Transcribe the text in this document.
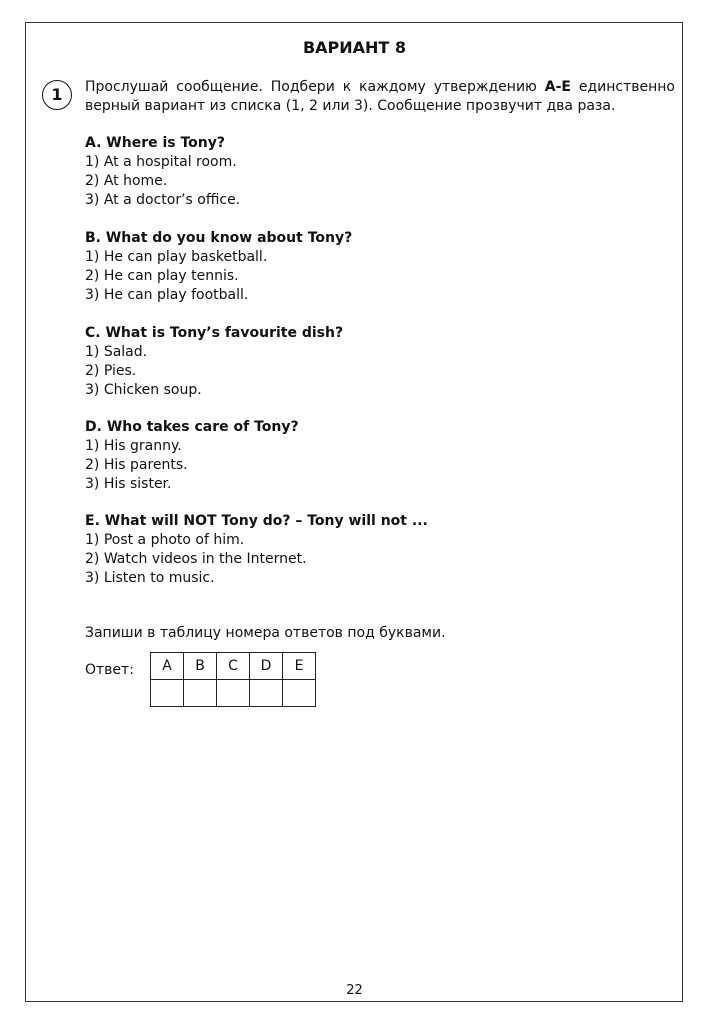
ВАРИАНТ 8
1	Прослушай сообщение. Подбери к каждому утверждению A-E единственно верный вариант из списка (1, 2 или 3). Сообщение прозвучит два раза.
A. Where is Tony?
1) At a hospital room.
2) At home.
3) At a doctor’s office.
B. What do you know about Tony?
1) He can play basketball.
2) He can play tennis.
3) He can play football.
C. What is Tony’s favourite dish?
1) Salad.
2) Pies.
3) Chicken soup.
D. Who takes care of Tony?
1) His granny.
2) His parents.
3) His sister.
E. What will NOT Tony do? – Tony will not ...
1) Post a photo of him.
2) Watch videos in the Internet.
3) Listen to music.
Запиши в таблицу номера ответов под буквами.
Ответ: A	B	C	D	E

22
